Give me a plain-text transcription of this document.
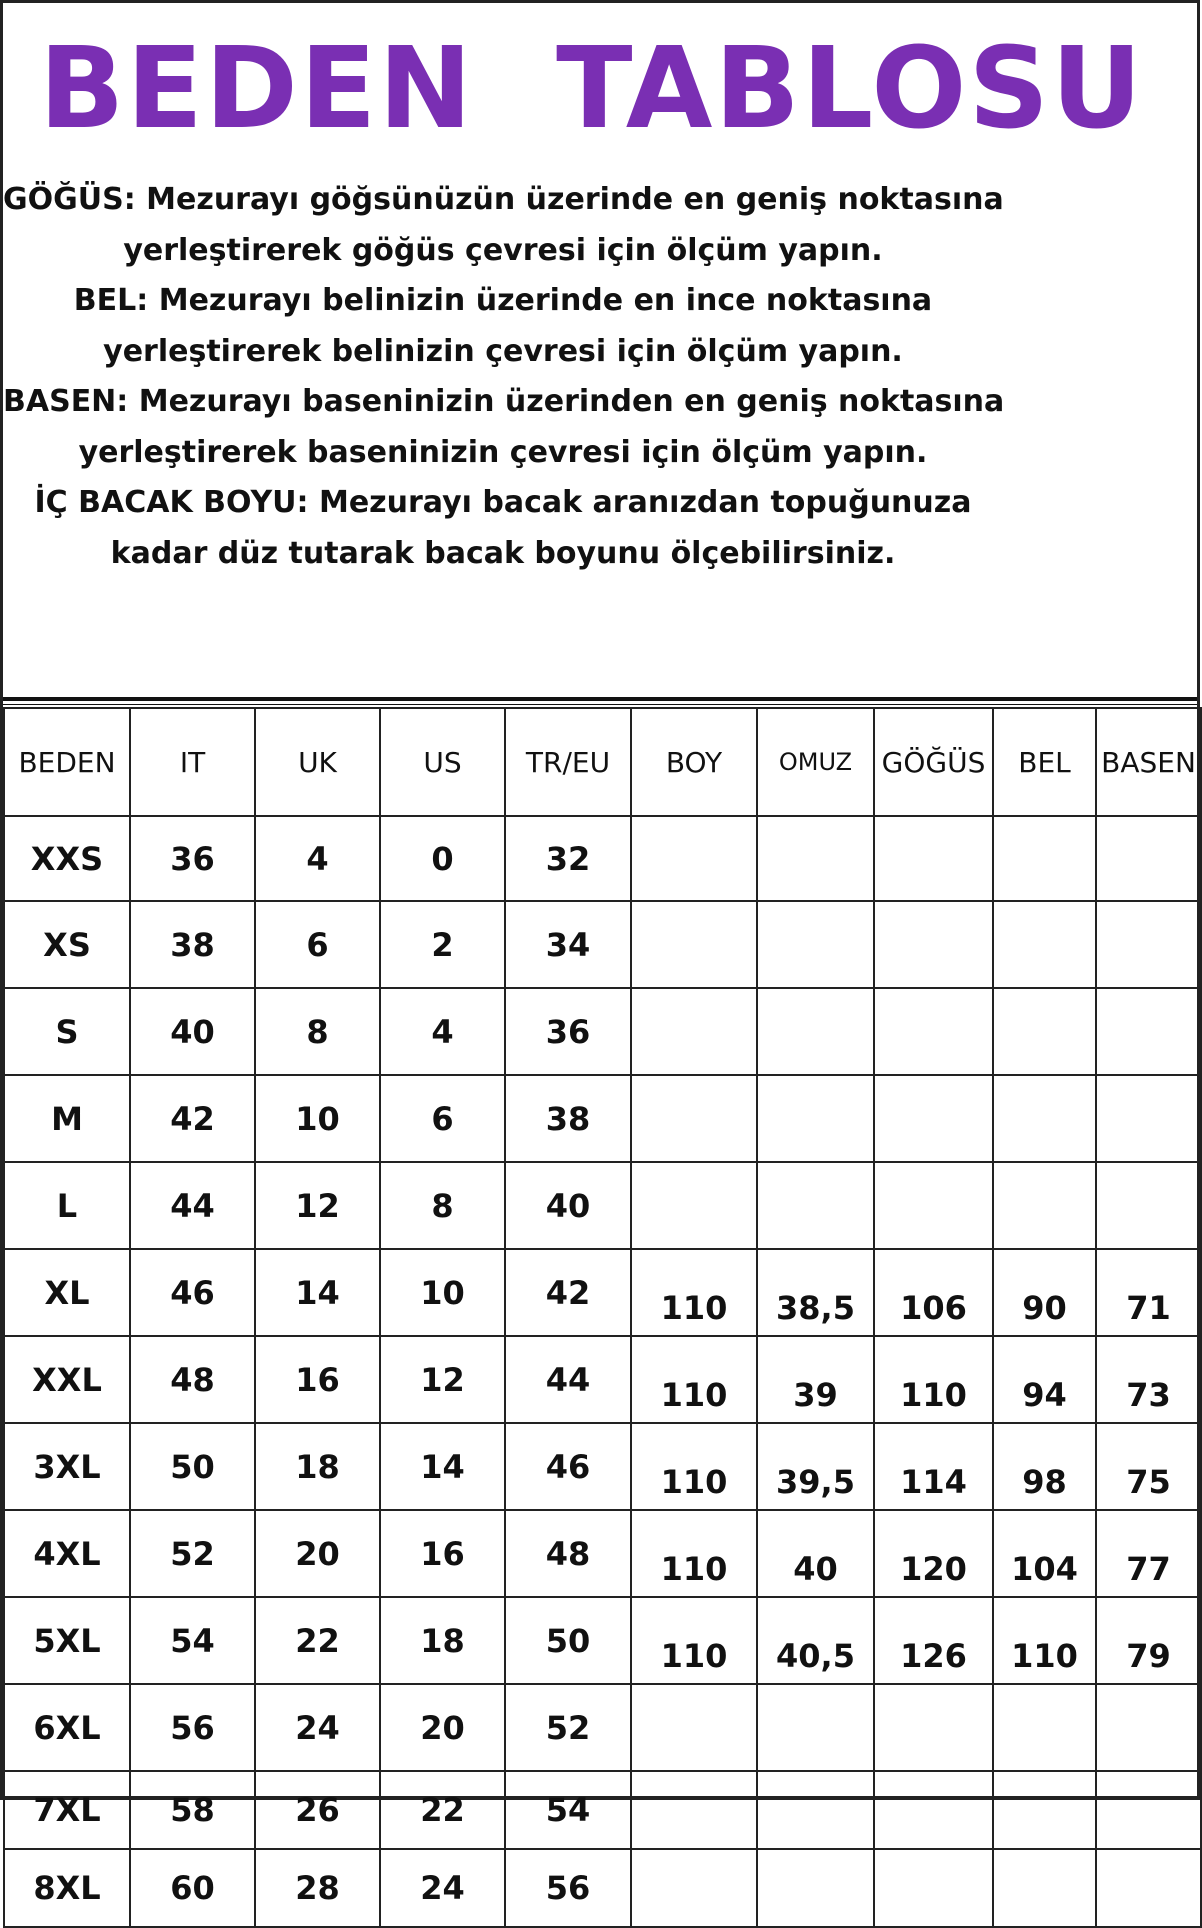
BEDEN  TABLOSU
GÖĞÜS: Mezurayı göğsünüzün üzerinde en geniş noktasına
yerleştirerek göğüs çevresi için ölçüm yapın.
BEL: Mezurayı belinizin üzerinde en ince noktasına
yerleştirerek belinizin çevresi için ölçüm yapın.
BASEN: Mezurayı baseninizin üzerinden en geniş noktasına
yerleştirerek baseninizin çevresi için ölçüm yapın.
İÇ BACAK BOYU: Mezurayı bacak aranızdan topuğunuza
kadar düz tutarak bacak boyunu ölçebilirsiniz.
BEDEN	IT	UK	US	TR/EU	BOY	OMUZ	GÖĞÜS	BEL	BASEN
XXS	36	4	0	32					
XS	38	6	2	34					
S	40	8	4	36					
M	42	10	6	38					
L	44	12	8	40					
XL	46	14	10	42	110	38,5	106	90	71
XXL	48	16	12	44	110	39	110	94	73
3XL	50	18	14	46	110	39,5	114	98	75
4XL	52	20	16	48	110	40	120	104	77
5XL	54	22	18	50	110	40,5	126	110	79
6XL	56	24	20	52					
7XL	58	26	22	54					
8XL	60	28	24	56					
